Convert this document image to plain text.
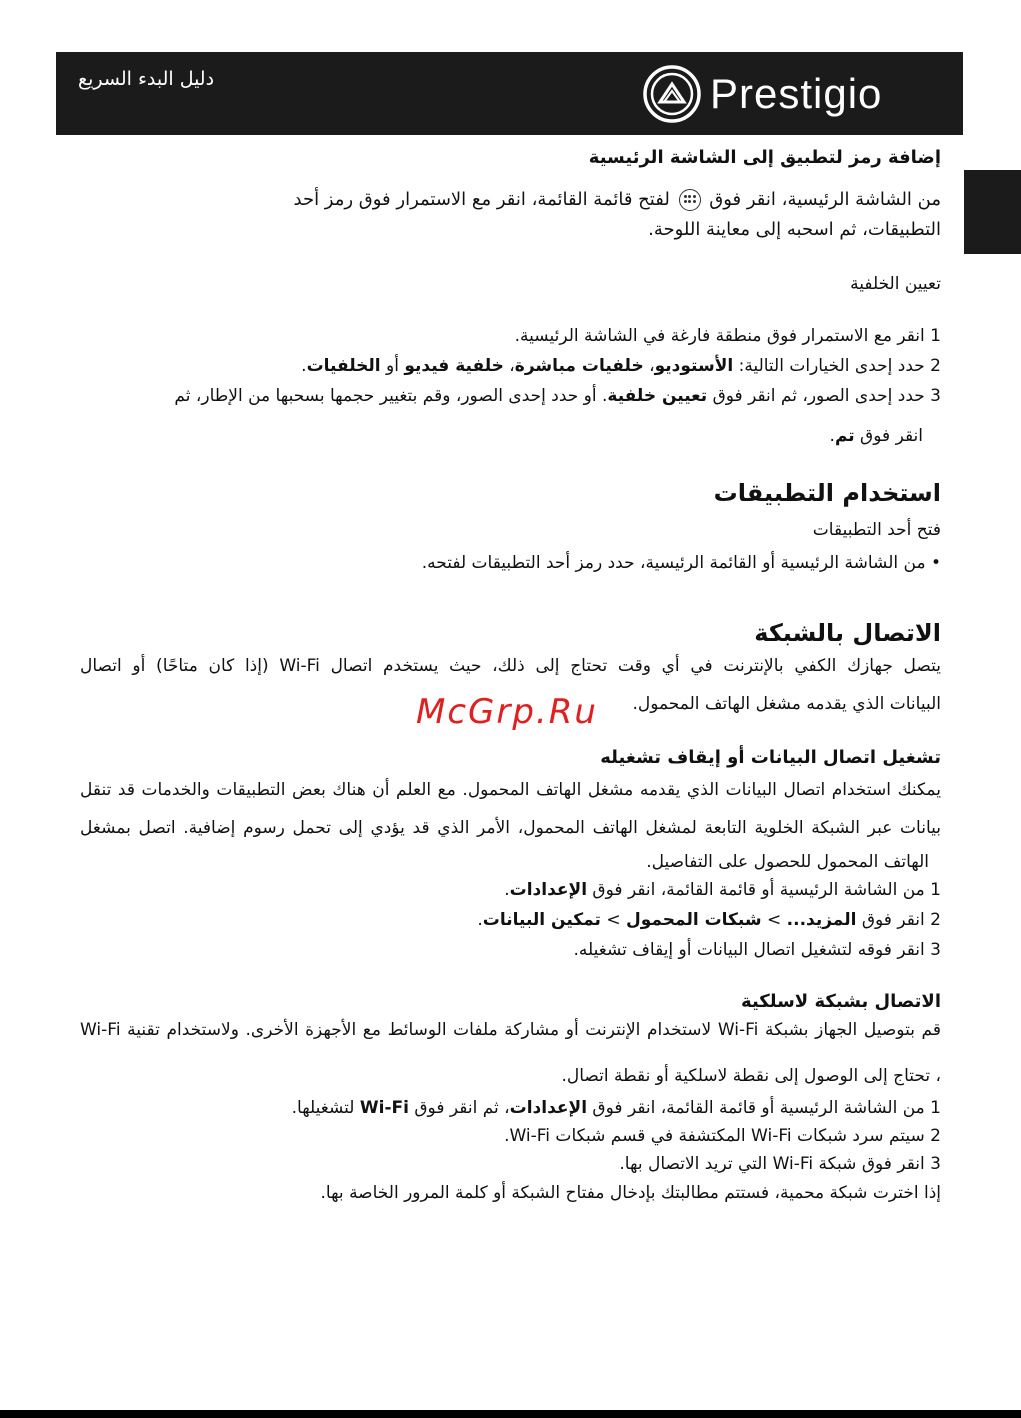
Prestigio
دليل البدء السريع
إضافة رمز لتطبيق إلى الشاشة الرئيسية
من الشاشة الرئيسية، انقر فوق
لفتح قائمة القائمة، انقر مع الاستمرار فوق رمز أحد
التطبيقات، ثم اسحبه إلى معاينة اللوحة.
تعيين الخلفية
1 انقر مع الاستمرار فوق منطقة فارغة في الشاشة الرئيسية.
2 حدد إحدى الخيارات التالية: الأستوديو، خلفيات مباشرة، خلفية فيديو أو الخلفيات.
3 حدد إحدى الصور، ثم انقر فوق تعيين خلفية. أو حدد إحدى الصور، وقم بتغيير حجمها بسحبها من الإطار، ثم
انقر فوق تم.
استخدام التطبيقات
فتح أحد التطبيقات
• من الشاشة الرئيسية أو القائمة الرئيسية، حدد رمز أحد التطبيقات لفتحه.
الاتصال بالشبكة
يتصل جهازك الكفي بالإنترنت في أي وقت تحتاج إلى ذلك، حيث يستخدم اتصال Wi-Fi (إذا كان متاحًا) أو اتصال
البيانات الذي يقدمه مشغل الهاتف المحمول.
McGrp.Ru
تشغيل اتصال البيانات أو إيقاف تشغيله
يمكنك استخدام اتصال البيانات الذي يقدمه مشغل الهاتف المحمول. مع العلم أن هناك بعض التطبيقات والخدمات قد تنقل
بيانات عبر الشبكة الخلوية التابعة لمشغل الهاتف المحمول، الأمر الذي قد يؤدي إلى تحمل رسوم إضافية. اتصل بمشغل
الهاتف المحمول للحصول على التفاصيل.
1 من الشاشة الرئيسية أو قائمة القائمة، انقر فوق الإعدادات.
2 انقر فوق المزيد... > شبكات المحمول > تمكين البيانات.
3 انقر فوقه لتشغيل اتصال البيانات أو إيقاف تشغيله.
الاتصال بشبكة لاسلكية
قم بتوصيل الجهاز بشبكة Wi-Fi لاستخدام الإنترنت أو مشاركة ملفات الوسائط مع الأجهزة الأخرى. ولاستخدام تقنية Wi-Fi
، تحتاج إلى الوصول إلى نقطة لاسلكية أو نقطة اتصال.
1 من الشاشة الرئيسية أو قائمة القائمة، انقر فوق الإعدادات، ثم انقر فوق Wi-Fi لتشغيلها.
2 سيتم سرد شبكات Wi-Fi المكتشفة في قسم شبكات Wi-Fi.
3 انقر فوق شبكة Wi-Fi التي تريد الاتصال بها.
إذا اخترت شبكة محمية، فستتم مطالبتك بإدخال مفتاح الشبكة أو كلمة المرور الخاصة بها.
